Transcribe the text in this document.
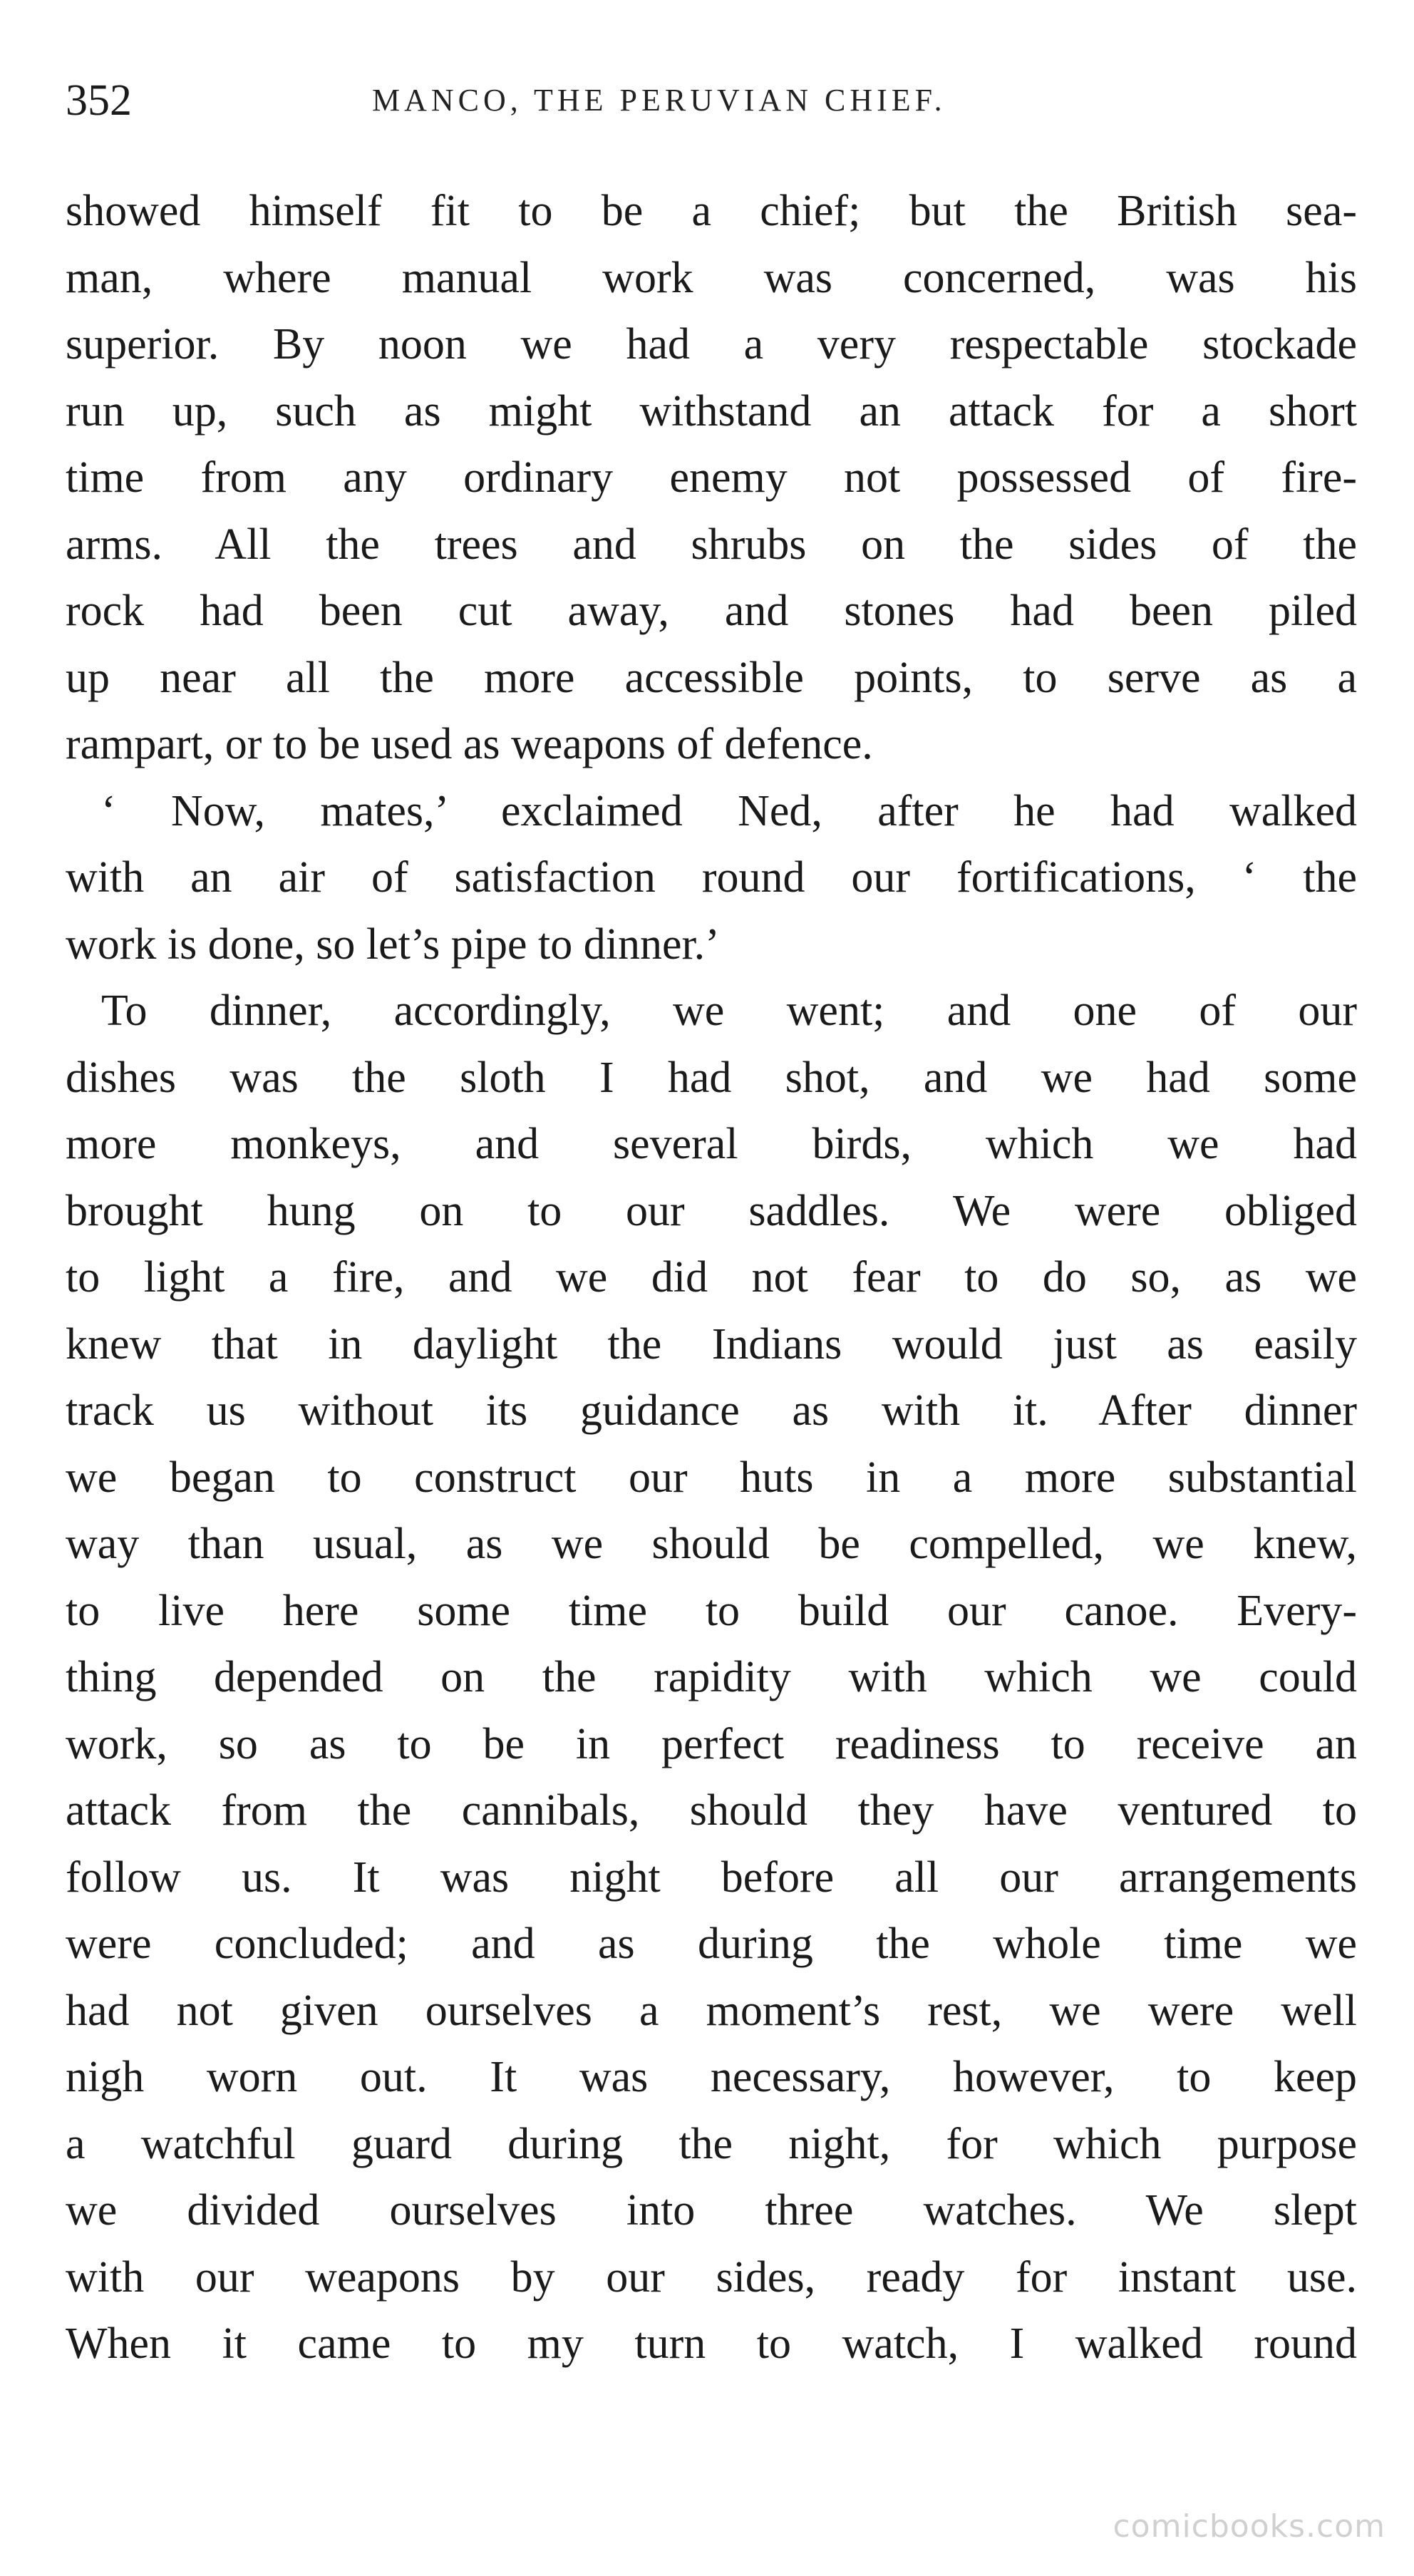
352	MANCO, THE PERUVIAN CHIEF.
showed himself fit to be a chief; but the British sea-
man, where manual work was concerned, was his
superior. By noon we had a very respectable stockade
run up, such as might withstand an attack for a short
time from any ordinary enemy not possessed of fire-
arms. All the trees and shrubs on the sides of the
rock had been cut away, and stones had been piled
up near all the more accessible points, to serve as a
rampart, or to be used as weapons of defence.
‘ Now, mates,’ exclaimed Ned, after he had walked
with an air of satisfaction round our fortifications, ‘ the
work is done, so let’s pipe to dinner.’
To dinner, accordingly, we went; and one of our
dishes was the sloth I had shot, and we had some
more monkeys, and several birds, which we had
brought hung on to our saddles. We were obliged
to light a fire, and we did not fear to do so, as we
knew that in daylight the Indians would just as easily
track us without its guidance as with it. After dinner
we began to construct our huts in a more substantial
way than usual, as we should be compelled, we knew,
to live here some time to build our canoe. Every-
thing depended on the rapidity with which we could
work, so as to be in perfect readiness to receive an
attack from the cannibals, should they have ventured to
follow us. It was night before all our arrangements
were concluded; and as during the whole time we
had not given ourselves a moment’s rest, we were well
nigh worn out. It was necessary, however, to keep
a watchful guard during the night, for which purpose
we divided ourselves into three watches. We slept
with our weapons by our sides, ready for instant use.
When it came to my turn to watch, I walked round
comicbooks.com
